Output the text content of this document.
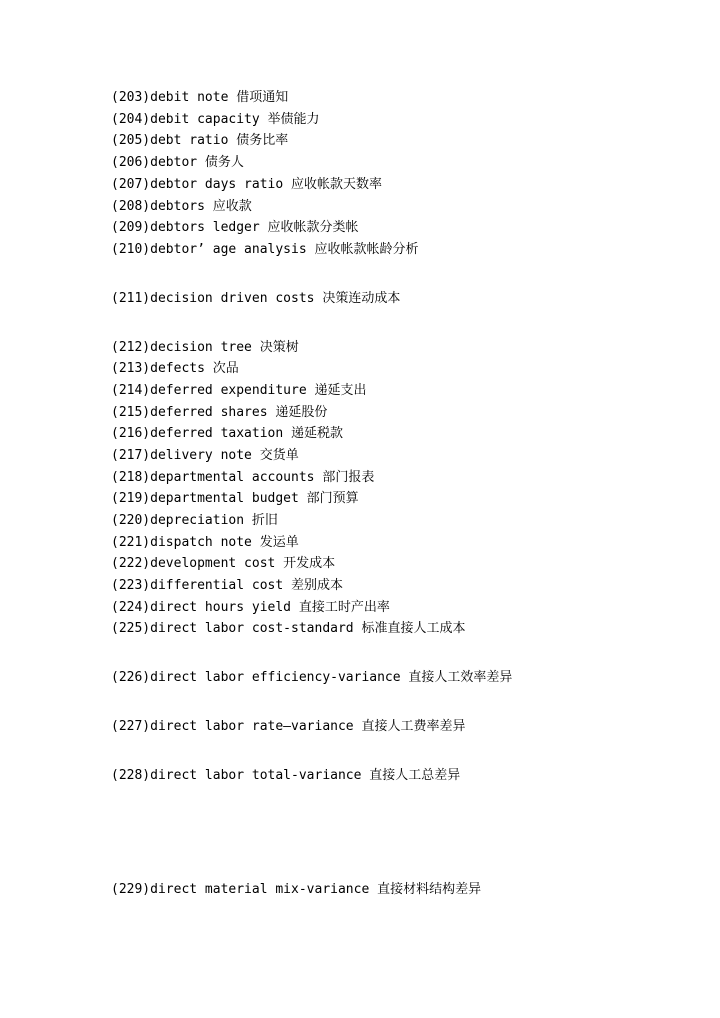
(203)debit note 借项通知
(204)debit capacity 举债能力
(205)debt ratio 债务比率
(206)debtor 债务人
(207)debtor days ratio 应收帐款天数率
(208)debtors 应收款
(209)debtors ledger 应收帐款分类帐
(210)debtor’ age analysis 应收帐款帐龄分析
(211)decision driven costs 决策连动成本
(212)decision tree 决策树
(213)defects 次品
(214)deferred expenditure 递延支出
(215)deferred shares 递延股份
(216)deferred taxation 递延税款
(217)delivery note 交货单
(218)departmental accounts 部门报表
(219)departmental budget 部门预算
(220)depreciation 折旧
(221)dispatch note 发运单
(222)development cost 开发成本
(223)differential cost 差别成本
(224)direct hours yield 直接工时产出率
(225)direct labor cost-standard 标准直接人工成本
(226)direct labor efficiency-variance 直接人工效率差异
(227)direct labor rate—variance 直接人工费率差异
(228)direct labor total-variance 直接人工总差异
(229)direct material mix-variance 直接材料结构差异
